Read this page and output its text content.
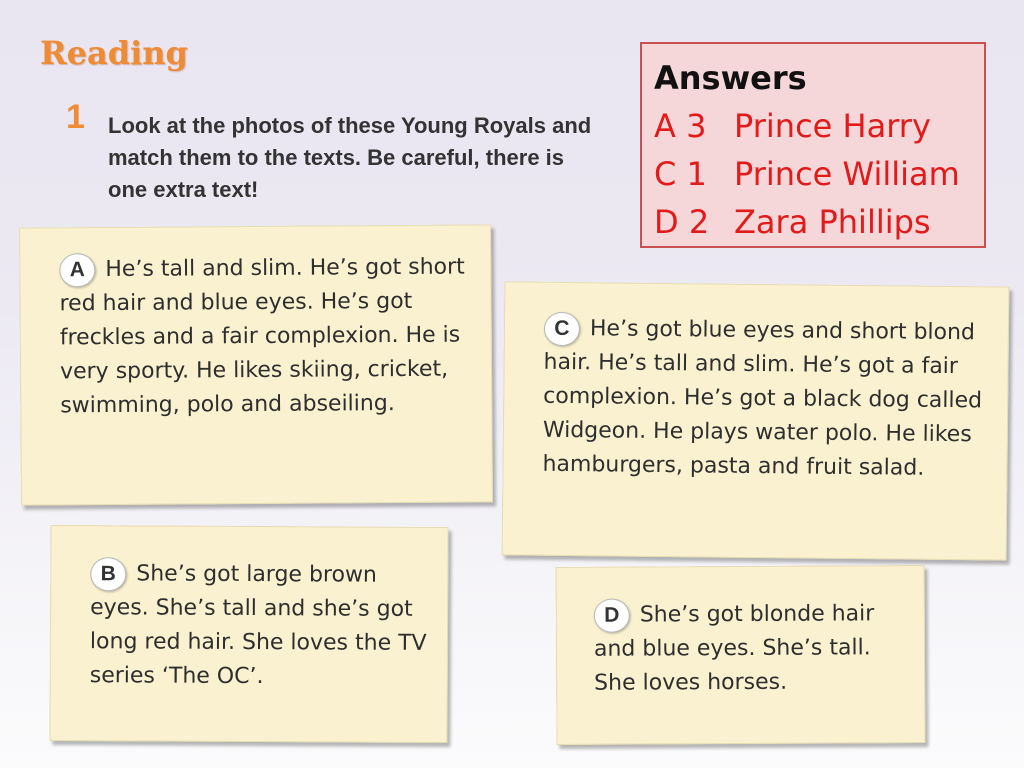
Reading
1 Look at the photos of these Young Royals and match them to the texts. Be careful, there is one extra text!
Answers
A 3 Prince Harry
C 1 Prince William
D 2 Zara Phillips
A He’s tall and slim. He’s got short red hair and blue eyes. He’s got freckles and a fair complexion. He is very sporty. He likes skiing, cricket, swimming, polo and abseiling.
C He’s got blue eyes and short blond hair. He’s tall and slim. He’s got a fair complexion. He’s got a black dog called Widgeon. He plays water polo. He likes hamburgers, pasta and fruit salad.
B She’s got large brown eyes. She’s tall and she’s got long red hair. She loves the TV series ‘The OC’.
D She’s got blonde hair and blue eyes. She’s tall. She loves horses.
